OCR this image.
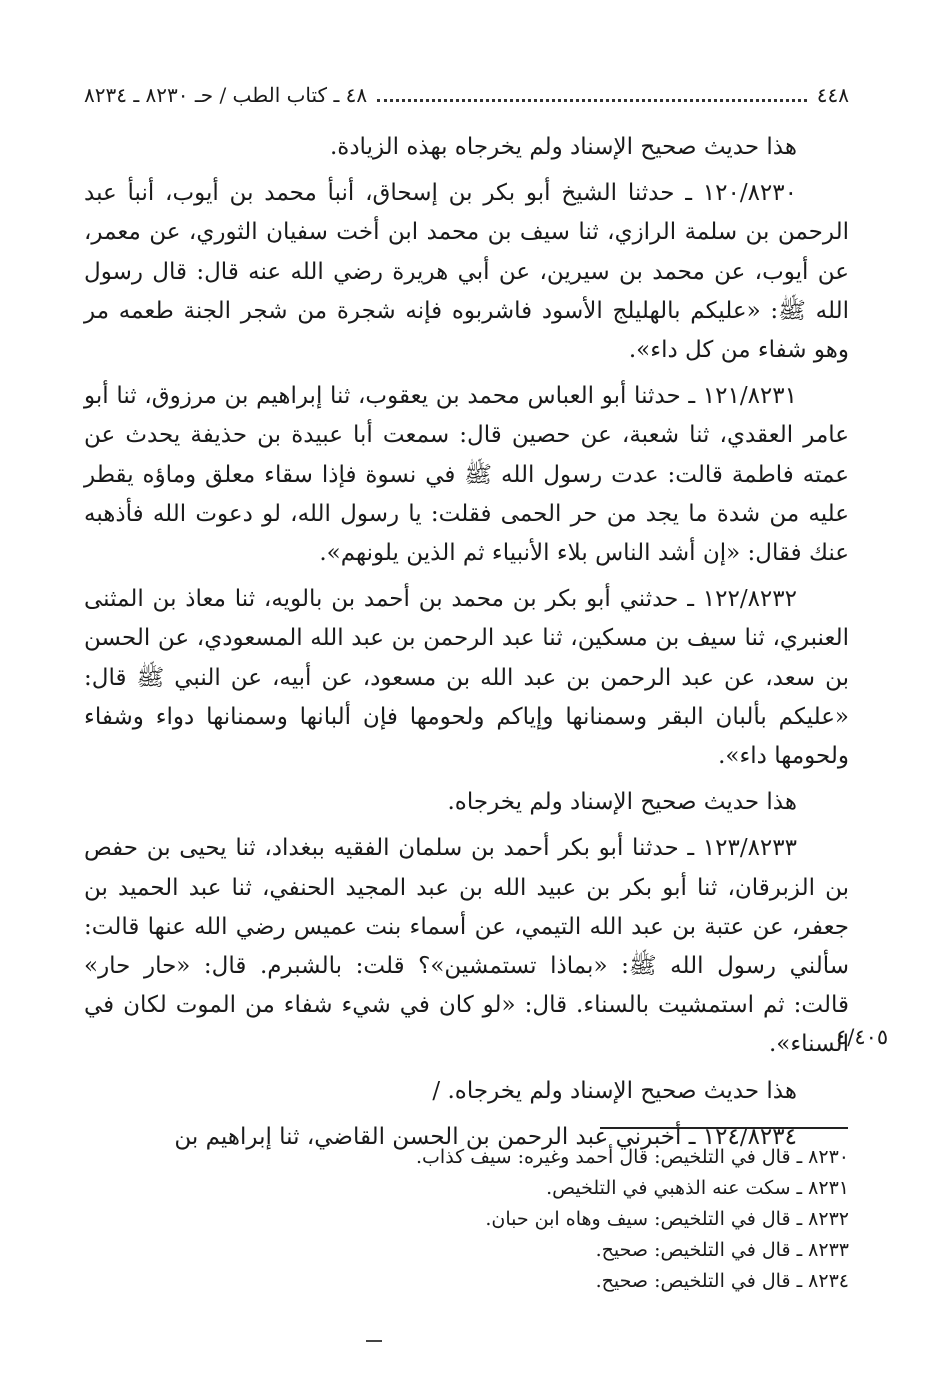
٤٤٨
٤٨ ـ كتاب الطب / حـ ٨٢٣٠ ـ ٨٢٣٤

هذا حديث صحيح الإسناد ولم يخرجاه بهذه الزيادة.

١٢٠/٨٢٣٠ ـ حدثنا الشيخ أبو بكر بن إسحاق، أنبأ محمد بن أيوب، أنبأ عبد الرحمن بن سلمة الرازي، ثنا سيف بن محمد ابن أخت سفيان الثوري، عن معمر، عن أيوب، عن محمد بن سيرين، عن أبي هريرة رضي الله عنه قال: قال رسول الله ﷺ: «عليكم بالهليلج الأسود فاشربوه فإنه شجرة من شجر الجنة طعمه مر وهو شفاء من كل داء».

١٢١/٨٢٣١ ـ حدثنا أبو العباس محمد بن يعقوب، ثنا إبراهيم بن مرزوق، ثنا أبو عامر العقدي، ثنا شعبة، عن حصين قال: سمعت أبا عبيدة بن حذيفة يحدث عن عمته فاطمة قالت: عدت رسول الله ﷺ في نسوة فإذا سقاء معلق وماؤه يقطر عليه من شدة ما يجد من حر الحمى فقلت: يا رسول الله، لو دعوت الله فأذهبه عنك فقال: «إن أشد الناس بلاء الأنبياء ثم الذين يلونهم».

١٢٢/٨٢٣٢ ـ حدثني أبو بكر بن محمد بن أحمد بن بالويه، ثنا معاذ بن المثنى العنبري، ثنا سيف بن مسكين، ثنا عبد الرحمن بن عبد الله المسعودي، عن الحسن بن سعد، عن عبد الرحمن بن عبد الله بن مسعود، عن أبيه، عن النبي ﷺ قال: «عليكم بألبان البقر وسمنانها وإياكم ولحومها فإن ألبانها وسمنانها دواء وشفاء ولحومها داء».

هذا حديث صحيح الإسناد ولم يخرجاه.

١٢٣/٨٢٣٣ ـ حدثنا أبو بكر أحمد بن سلمان الفقيه ببغداد، ثنا يحيى بن حفص بن الزبرقان، ثنا أبو بكر بن عبيد الله بن عبد المجيد الحنفي، ثنا عبد الحميد بن جعفر، عن عتبة بن عبد الله التيمي، عن أسماء بنت عميس رضي الله عنها قالت: سألني رسول الله ﷺ: «بماذا تستمشين»؟ قلت: بالشبرم. قال: «حار حار» قالت: ثم استمشيت بالسناء. قال: «لو كان في شيء شفاء من الموت لكان في السناء».

هذا حديث صحيح الإسناد ولم يخرجاه. /

١٢٤/٨٢٣٤ ـ أخبرني عبد الرحمن بن الحسن القاضي، ثنا إبراهيم بن

٤/٤٠٥
٨٢٣٠ ـ قال في التلخيص: قال أحمد وغيره: سيف كذاب.
٨٢٣١ ـ سكت عنه الذهبي في التلخيص.
٨٢٣٢ ـ قال في التلخيص: سيف وهاه ابن حبان.
٨٢٣٣ ـ قال في التلخيص: صحيح.
٨٢٣٤ ـ قال في التلخيص: صحيح.
